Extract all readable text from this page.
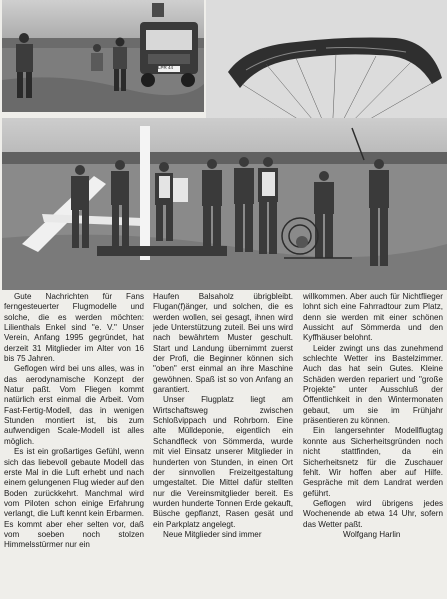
LPR 44

Gute Nachrichten für Fans ferngesteuerter Flugmodelle und solche, die es werden möchten: Lilienthals Enkel sind "e. V." Unser Verein, Anfang 1995 gegründet, hat derzeit 31 Mitglieder im Alter von 16 bis 75 Jahren.

Geflogen wird bei uns alles, was in das aerodynamische Konzept der Natur paßt. Vom Fliegen kommt natürlich erst einmal die Arbeit. Vom Fast-Fertig-Modell, das in wenigen Stunden montiert ist, bis zum aufwendigen Scale-Modell ist alles möglich.

Es ist ein großartiges Gefühl, wenn sich das liebevoll gebaute Modell das erste Mal in die Luft erhebt und nach einem gelungenen Flug wieder auf den Boden zurückkehrt. Manchmal wird vom Piloten schon einige Erfahrung verlangt, die Luft kennt kein Erbarmen. Es kommt aber eher selten vor, daß vom soeben noch stolzen Himmelsstürmer nur ein

Haufen Balsaholz übrigbleibt. Flugan(f)änger, und solchen, die es werden wollen, sei gesagt, ihnen wird jede Unterstützung zuteil. Bei uns wird nach bewährtem Muster geschult. Start und Landung übernimmt zuerst der Profi, die Beginner können sich "oben" erst einmal an ihre Maschine gewöhnen. Spaß ist so von Anfang an garantiert.

Unser Flugplatz liegt am Wirtschaftsweg zwischen Schloßvippach und Rohrborn. Eine alte Mülldeponie, eigentlich ein Schandfleck von Sömmerda, wurde mit viel Einsatz unserer Mitglieder in hunderten von Stunden, in einen Ort der sinnvollen Freizeitgestaltung umgestaltet. Die Mittel dafür stellten nur die Vereinsmitglieder bereit. Es wurden hunderte Tonnen Erde gekauft, Büsche gepflanzt, Rasen gesät und ein Parkplatz angelegt.

Neue Mitglieder sind immer

willkommen. Aber auch für Nichtflieger lohnt sich eine Fahrradtour zum Platz, denn sie werden mit einer schönen Aussicht auf Sömmerda und den Kyffhäuser belohnt.

Leider zwingt uns das zunehmend schlechte Wetter ins Bastelzimmer. Auch das hat sein Gutes. Kleine Schäden werden repariert und "große Projekte" unter Ausschluß der Öffentlichkeit in den Wintermonaten gebaut, um sie im Frühjahr präsentieren zu können.

Ein langersehnter Modellflugtag konnte aus Sicherheitsgründen noch nicht stattfinden, da ein Sicherheitsnetz für die Zuschauer fehlt. Wir hoffen aber auf Hilfe. Gespräche mit dem Landrat werden geführt.

Geflogen wird übrigens jedes Wochenende ab etwa 14 Uhr, sofern das Wetter paßt.

Wolfgang Harlin
